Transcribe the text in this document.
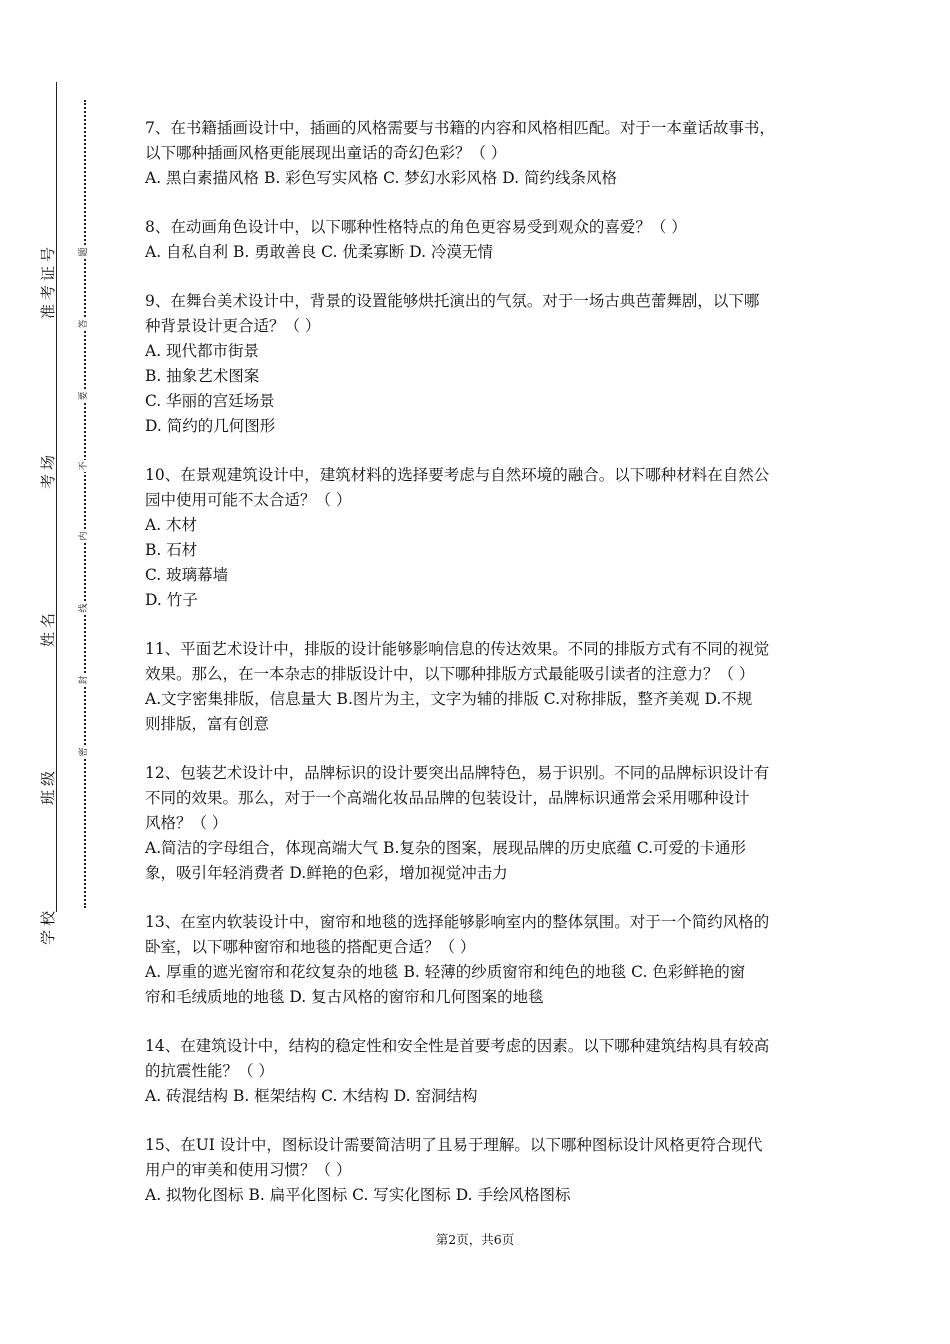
准考证号
考场
姓名
班级
学校
题
答
要
不
内
线
封
密

7、在书籍插画设计中，插画的风格需要与书籍的内容和风格相匹配。对于一本童话故事书，

以下哪种插画风格更能展现出童话的奇幻色彩？（ ）

A. 黑白素描风格 B. 彩色写实风格 C. 梦幻水彩风格 D. 简约线条风格

8、在动画角色设计中，以下哪种性格特点的角色更容易受到观众的喜爱？（ ）

A. 自私自利 B. 勇敢善良 C. 优柔寡断 D. 冷漠无情

9、在舞台美术设计中，背景的设置能够烘托演出的气氛。对于一场古典芭蕾舞剧，以下哪

种背景设计更合适？（ ）

A. 现代都市街景

B. 抽象艺术图案

C. 华丽的宫廷场景

D. 简约的几何图形

10、在景观建筑设计中，建筑材料的选择要考虑与自然环境的融合。以下哪种材料在自然公

园中使用可能不太合适？（ ）

A. 木材

B. 石材

C. 玻璃幕墙

D. 竹子

11、平面艺术设计中，排版的设计能够影响信息的传达效果。不同的排版方式有不同的视觉

效果。那么，在一本杂志的排版设计中，以下哪种排版方式最能吸引读者的注意力？（ ）

A.文字密集排版，信息量大 B.图片为主，文字为辅的排版 C.对称排版，整齐美观 D.不规

则排版，富有创意

12、包装艺术设计中，品牌标识的设计要突出品牌特色，易于识别。不同的品牌标识设计有

不同的效果。那么，对于一个高端化妆品品牌的包装设计，品牌标识通常会采用哪种设计

风格？（ ）

A.简洁的字母组合，体现高端大气 B.复杂的图案，展现品牌的历史底蕴 C.可爱的卡通形

象，吸引年轻消费者 D.鲜艳的色彩，增加视觉冲击力

13、在室内软装设计中，窗帘和地毯的选择能够影响室内的整体氛围。对于一个简约风格的

卧室，以下哪种窗帘和地毯的搭配更合适？（ ）

A. 厚重的遮光窗帘和花纹复杂的地毯 B. 轻薄的纱质窗帘和纯色的地毯 C. 色彩鲜艳的窗

帘和毛绒质地的地毯 D. 复古风格的窗帘和几何图案的地毯

14、在建筑设计中，结构的稳定性和安全性是首要考虑的因素。以下哪种建筑结构具有较高

的抗震性能？（ ）

A. 砖混结构 B. 框架结构 C. 木结构 D. 窑洞结构

15、在UI 设计中，图标设计需要简洁明了且易于理解。以下哪种图标设计风格更符合现代

用户的审美和使用习惯？（ ）

A. 拟物化图标 B. 扁平化图标 C. 写实化图标 D. 手绘风格图标

第2页，共6页
